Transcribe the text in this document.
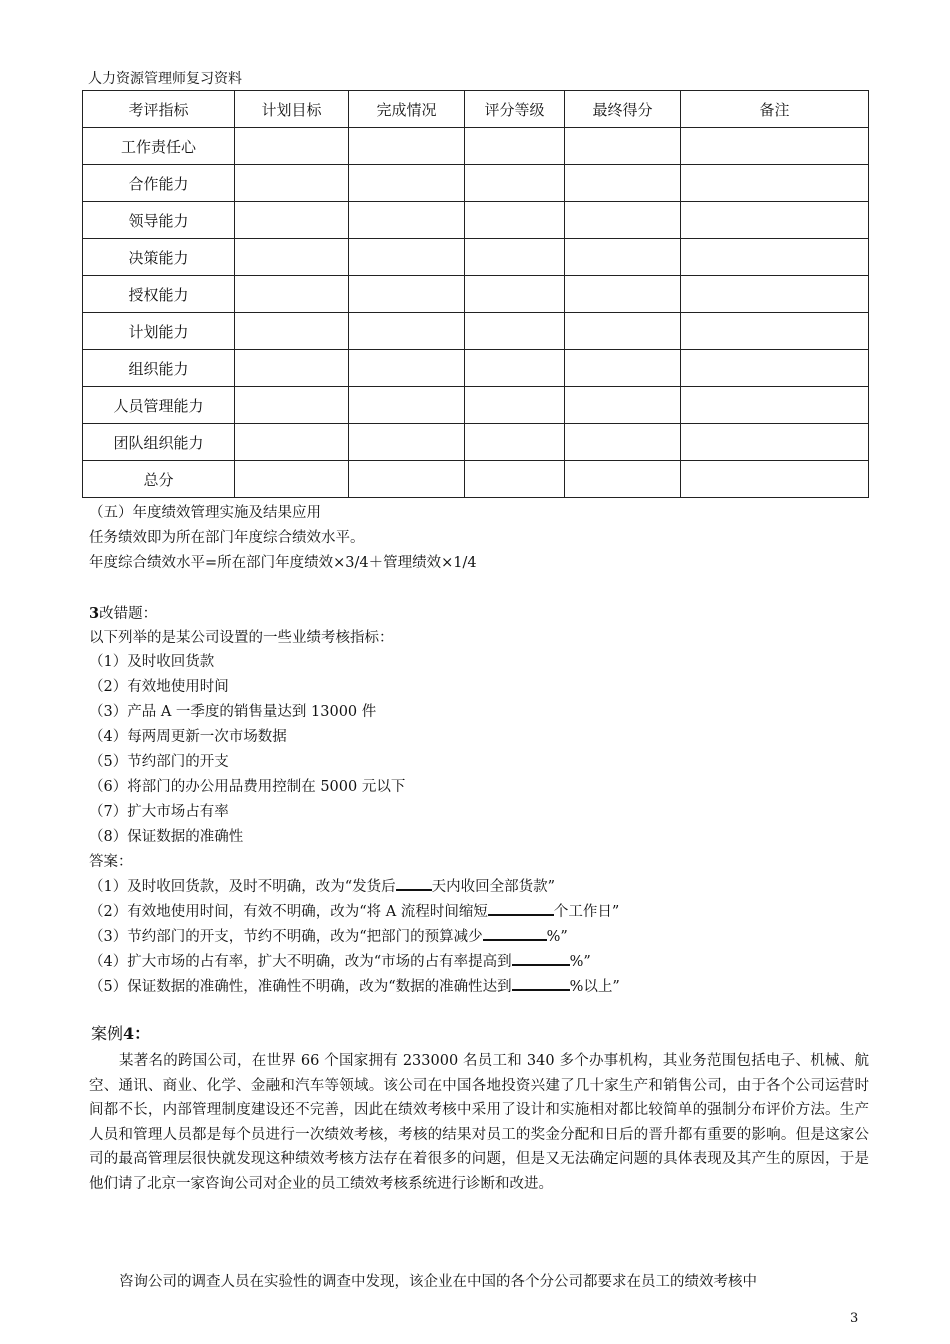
人力资源管理师复习资料
考评指标	计划目标	完成情况	评分等级	最终得分	备注
工作责任心					
合作能力					
领导能力					
决策能力					
授权能力					
计划能力					
组织能力					
人员管理能力					
团队组织能力					
总分					
（五）年度绩效管理实施及结果应用
任务绩效即为所在部门年度综合绩效水平。
年度综合绩效水平=所在部门年度绩效×3/4＋管理绩效×1/4
3改错题：
以下列举的是某公司设置的一些业绩考核指标：
（1）及时收回货款
（2）有效地使用时间
（3）产品 A 一季度的销售量达到 13000 件
（4）每两周更新一次市场数据
（5）节约部门的开支
（6）将部门的办公用品费用控制在 5000 元以下
（7）扩大市场占有率
（8）保证数据的准确性
答案：
（1）及时收回货款，及时不明确，改为“发货后 天内收回全部货款”
（2）有效地使用时间，有效不明确，改为“将 A 流程时间缩短	个工作日”
（3）节约部门的开支，节约不明确，改为“把部门的预算减少	%”
（4）扩大市场的占有率，扩大不明确，改为“市场的占有率提高到	%”
（5）保证数据的准确性，准确性不明确，改为“数据的准确性达到	%以上”
案例4：
某著名的跨国公司，在世界 66 个国家拥有 233000 名员工和 340 多个办事机构，其业务范围包括电子、机械、航空、通讯、商业、化学、金融和汽车等领域。该公司在中国各地投资兴建了几十家生产和销售公司，由于各个公司运营时间都不长，内部管理制度建设还不完善，因此在绩效考核中采用了设计和实施相对都比较简单的强制分布评价方法。生产人员和管理人员都是每个员进行一次绩效考核，考核的结果对员工的奖金分配和日后的晋升都有重要的影响。但是这家公司的最高管理层很快就发现这种绩效考核方法存在着很多的问题，但是又无法确定问题的具体表现及其产生的原因，于是他们请了北京一家咨询公司对企业的员工绩效考核系统进行诊断和改进。
咨询公司的调查人员在实验性的调查中发现，该企业在中国的各个分公司都要求在员工的绩效考核中
3
